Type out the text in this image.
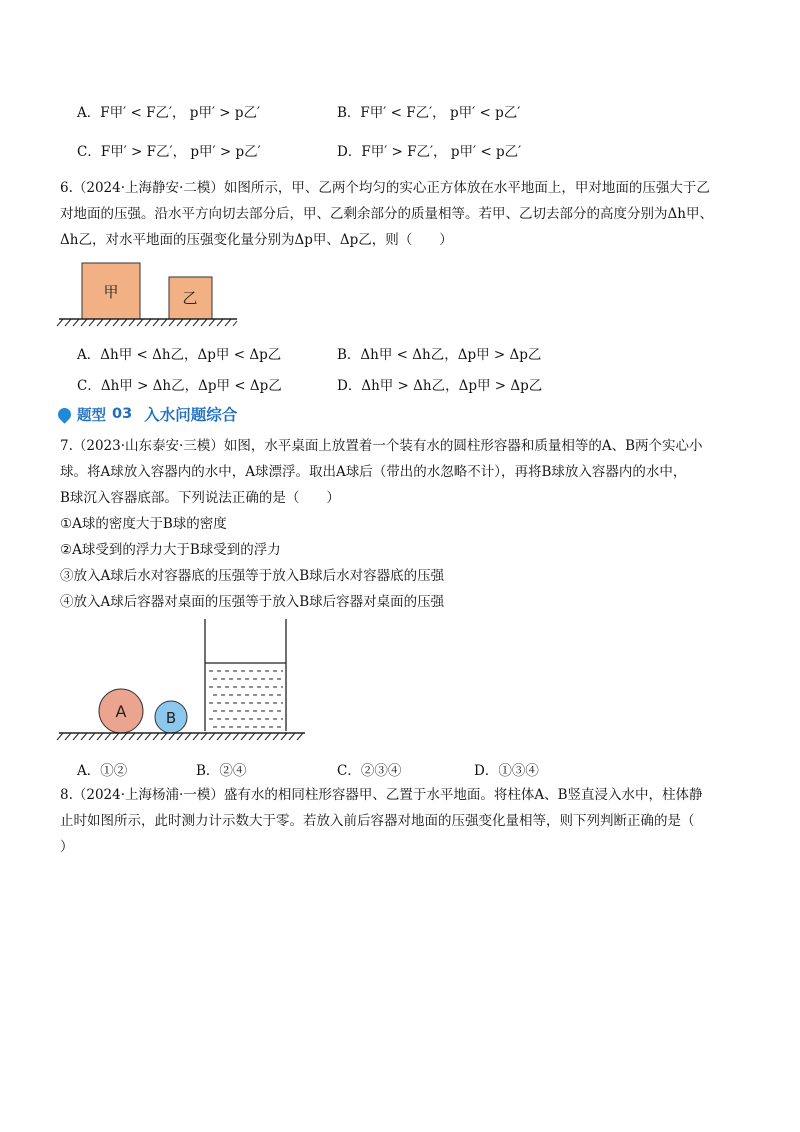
A．F甲′ < F乙′， p甲′ > p乙′	B．F甲′ < F乙′， p甲′ < p乙′
C．F甲′ > F乙′， p甲′ > p乙′	D．F甲′ > F乙′， p甲′ < p乙′
6.（2024·上海静安·二模）如图所示，甲、乙两个均匀的实心正方体放在水平地面上，甲对地面的压强大于乙
对地面的压强。沿水平方向切去部分后，甲、乙剩余部分的质量相等。若甲、乙切去部分的高度分别为Δh甲、
Δh乙，对水平地面的压强变化量分别为Δp甲、Δp乙，则（　　）
甲	乙
A．Δh甲 < Δh乙，Δp甲 < Δp乙	B．Δh甲 < Δh乙，Δp甲 > Δp乙
C．Δh甲 > Δh乙，Δp甲 < Δp乙	D．Δh甲 > Δh乙，Δp甲 > Δp乙
题型 03 入水问题综合
7.（2023·山东泰安·三模）如图，水平桌面上放置着一个装有水的圆柱形容器和质量相等的A、B两个实心小
球。将A球放入容器内的水中，A球漂浮。取出A球后（带出的水忽略不计），再将B球放入容器内的水中，
B球沉入容器底部。下列说法正确的是（　　）
①A球的密度大于B球的密度
②A球受到的浮力大于B球受到的浮力
③放入A球后水对容器底的压强等于放入B球后水对容器底的压强
④放入A球后容器对桌面的压强等于放入B球后容器对桌面的压强
A	B
A．①②	B．②④	C．②③④	D．①③④
8.（2024·上海杨浦·一模）盛有水的相同柱形容器甲、乙置于水平地面。将柱体A、B竖直浸入水中，柱体静
止时如图所示，此时测力计示数大于零。若放入前后容器对地面的压强变化量相等，则下列判断正确的是（
）
